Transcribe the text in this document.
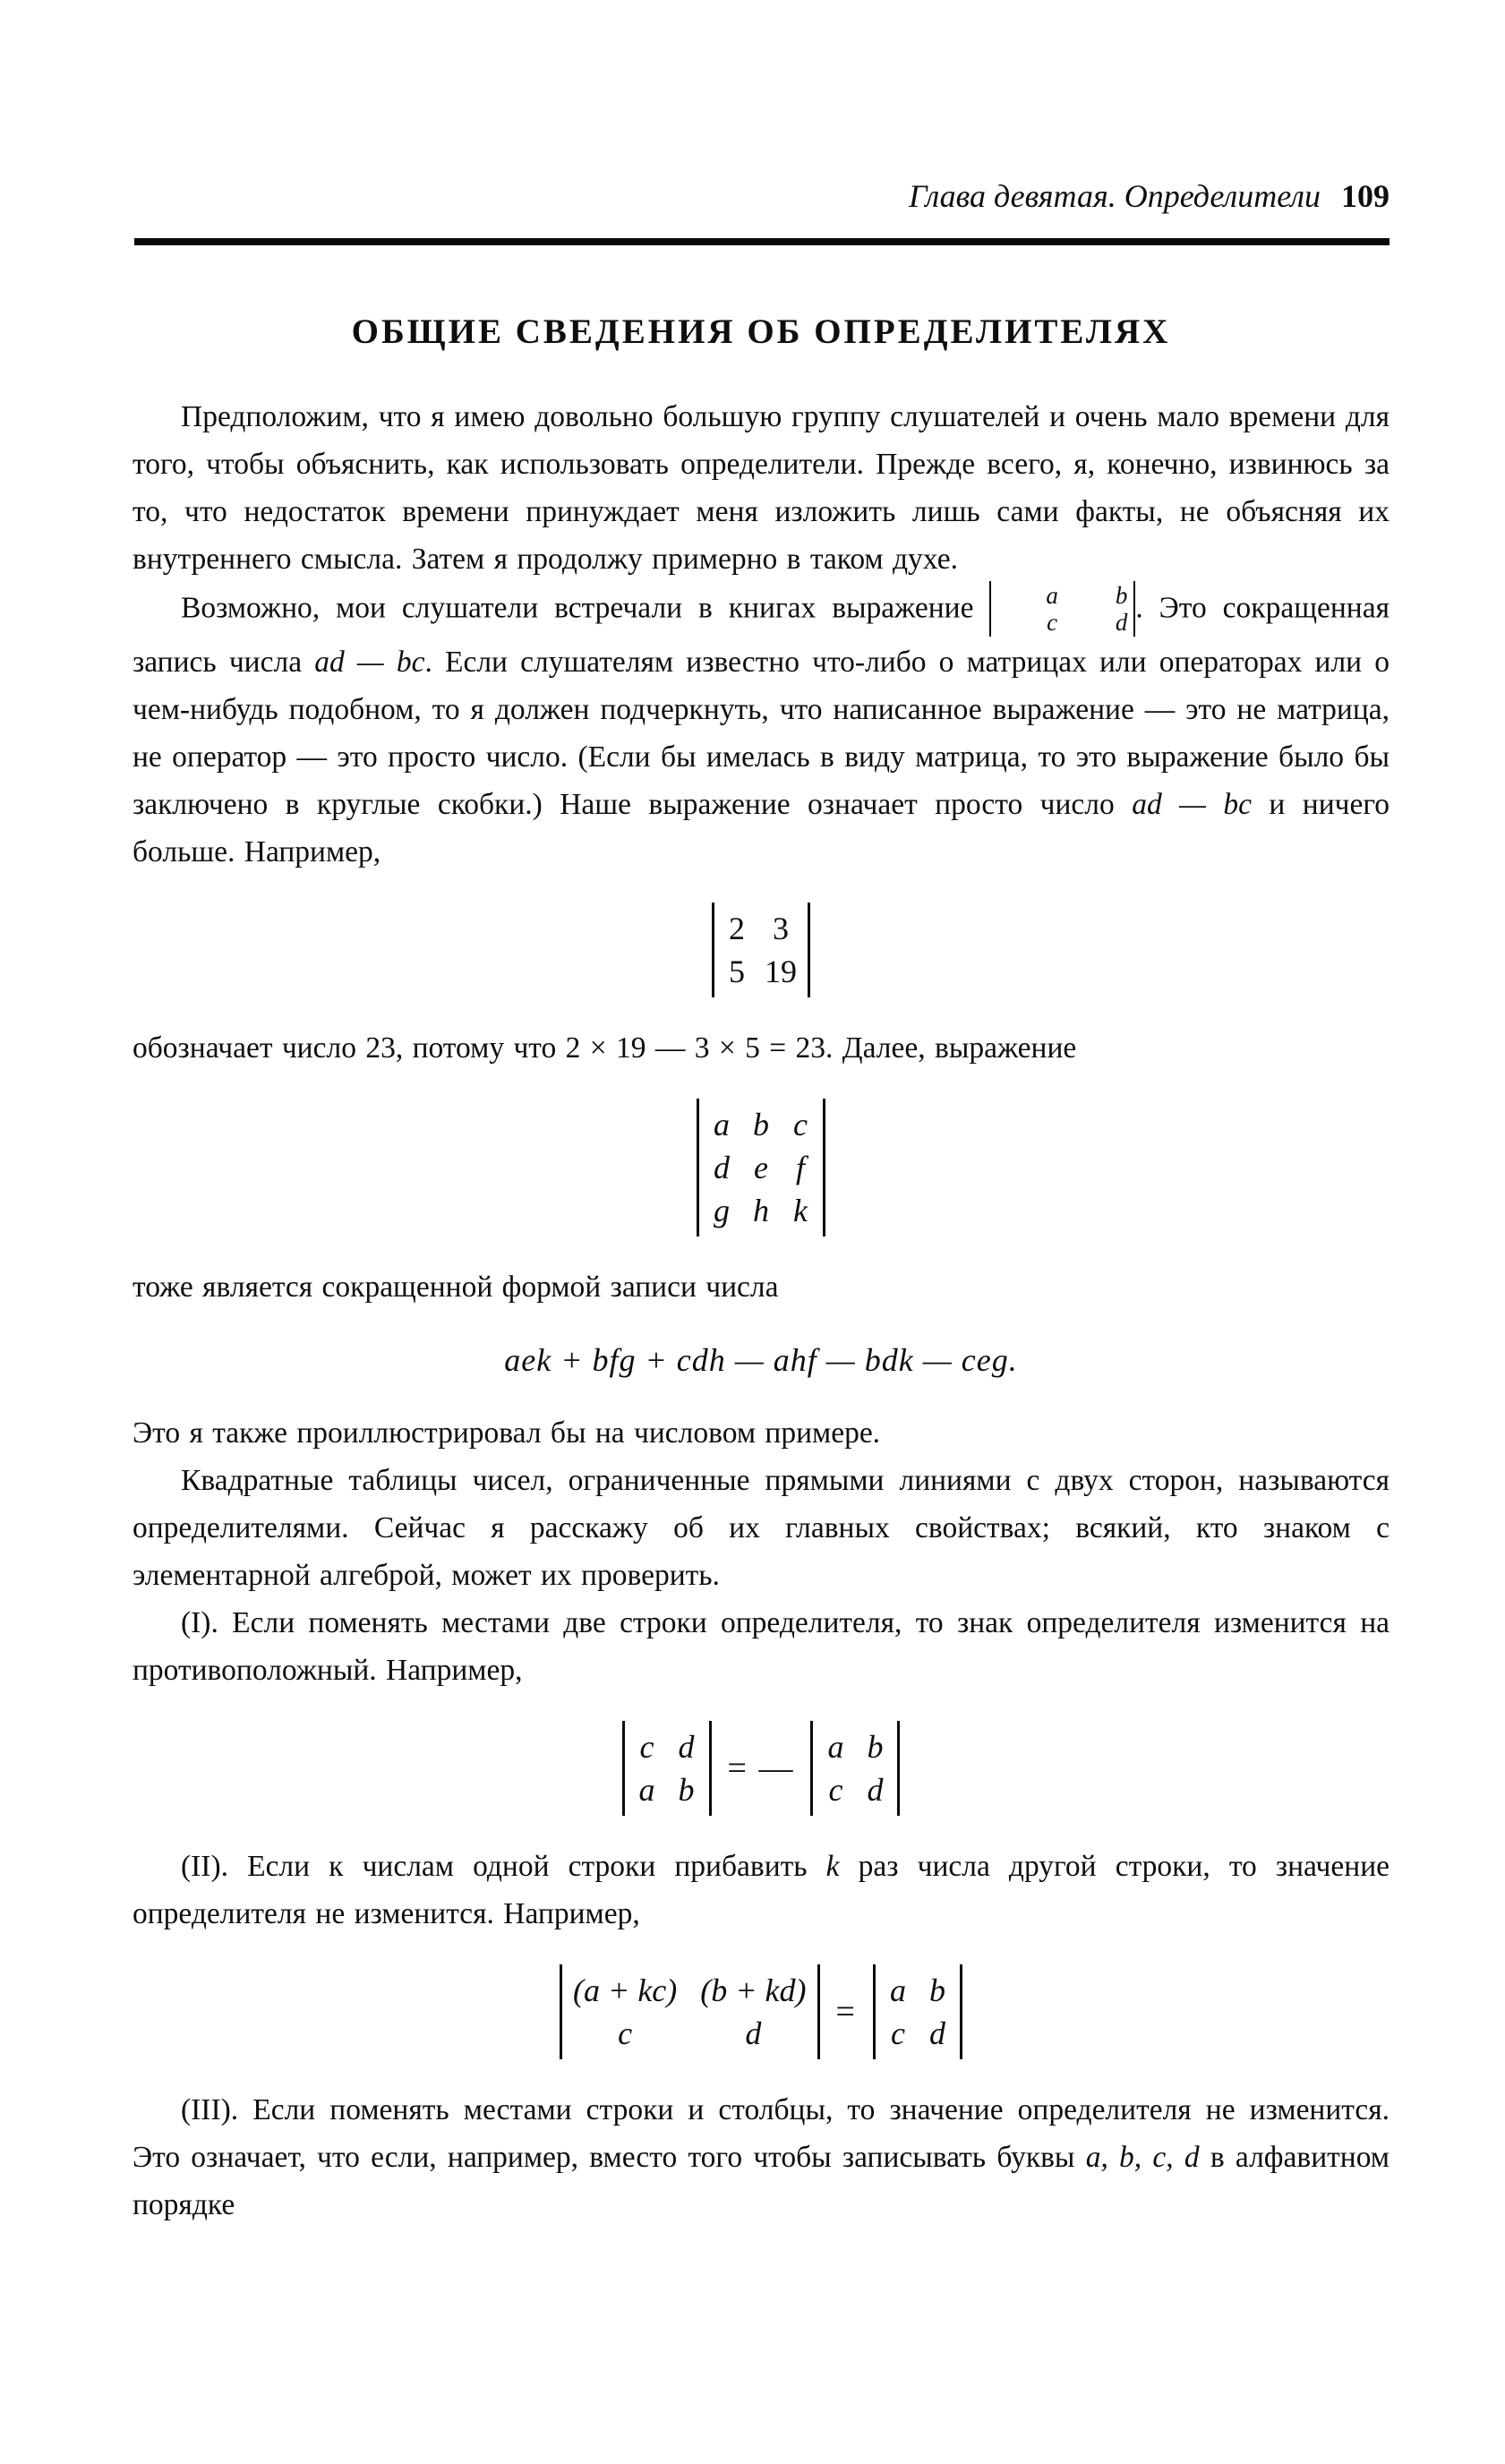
Глава девятая. Определители 109
ОБЩИЕ СВЕДЕНИЯ ОБ ОПРЕДЕЛИТЕЛЯХ

Предположим, что я имею довольно большую группу слушателей и очень мало времени для того, чтобы объяснить, как использовать определители. Прежде всего, я, конечно, извинюсь за то, что недостаток времени принуждает меня изложить лишь сами факты, не объясняя их внутреннего смысла. Затем я продолжу примерно в таком духе.

Возможно, мои слушатели встречали в книгах выражение	a	b
c	d . Это сокращенная запись числа ad — bc. Если слушателям известно что-либо о матрицах или операторах или о чем-нибудь подобном, то я должен подчеркнуть, что написанное выражение — это не матрица, не оператор — это просто число. (Если бы имелась в виду матрица, то это выражение было бы заключено в круглые скобки.) Наше выражение означает просто число ad — bc и ничего больше. Например,

2 3
5 19

обозначает число 23, потому что 2 × 19 — 3 × 5 = 23. Далее, выражение

a b c
d e f
g h k

тоже является сокращенной формой записи числа

aek + bfg + cdh — ahf — bdk — ceg.

Это я также проиллюстрировал бы на числовом примере.

Квадратные таблицы чисел, ограниченные прямыми линиями с двух сторон, называются определителями. Сейчас я расскажу об их главных свойствах; всякий, кто знаком с элементарной алгеброй, может их проверить.

(I). Если поменять местами две строки определителя, то знак определителя изменится на противоположный. Например,

c d
a b
= —
a b
c d

(II). Если к числам одной строки прибавить k раз числа другой строки, то значение определителя не изменится. Например,

(a + kc) (b + kd)
c	d
=
a b
c d

(III). Если поменять местами строки и столбцы, то значение определителя не изменится. Это означает, что если, например, вместо того чтобы записывать буквы a, b, c, d в алфавитном порядке
